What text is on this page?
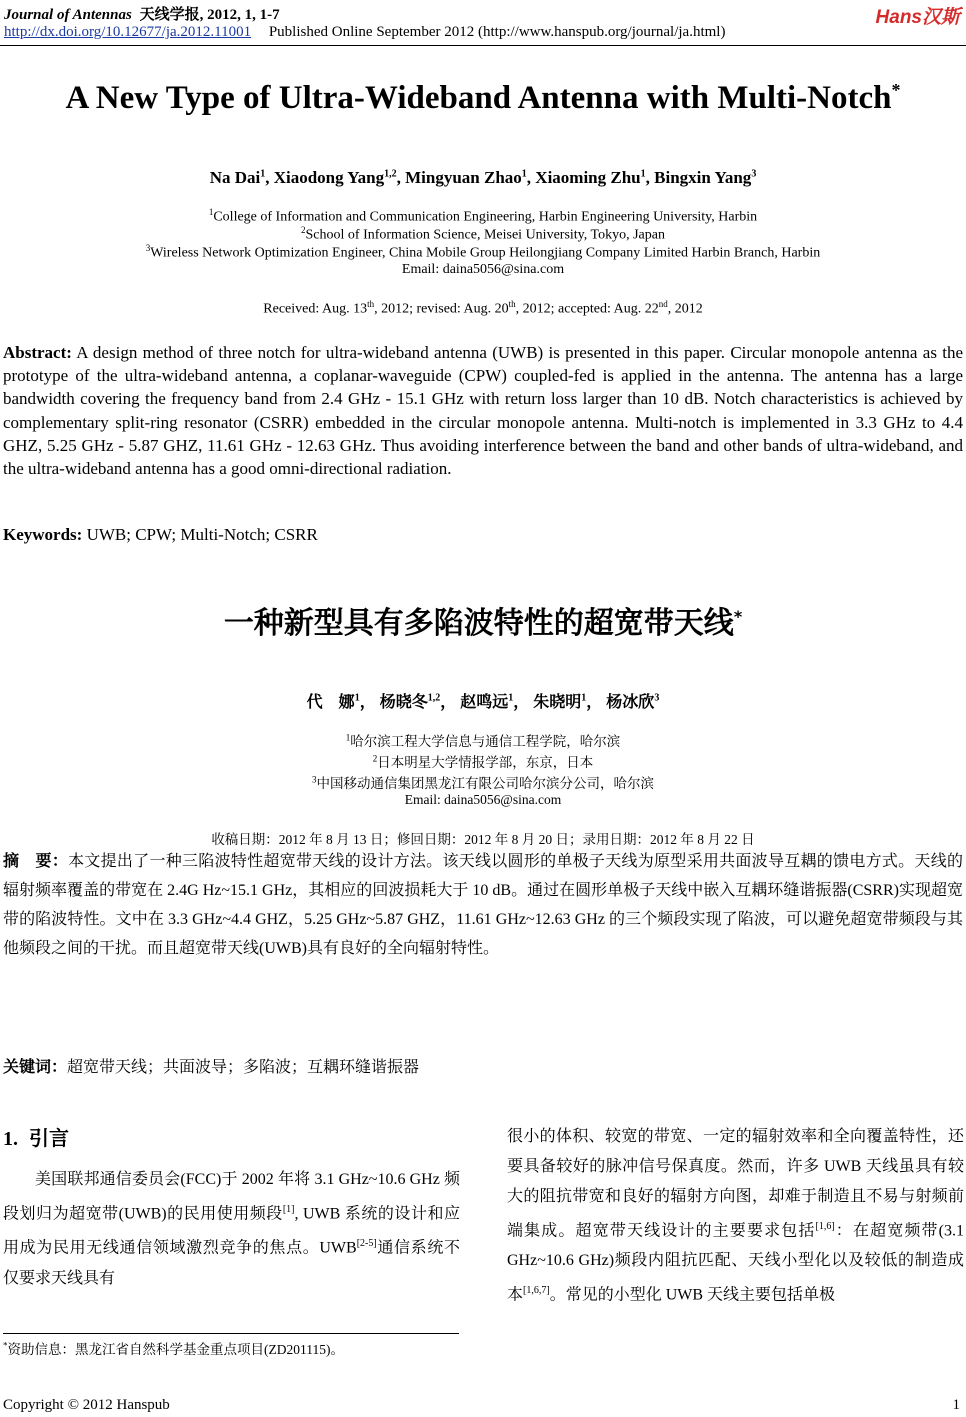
Journal of Antennas 天线学报, 2012, 1, 1-7
http://dx.doi.org/10.12677/ja.2012.11001 Published Online September 2012 (http://www.hanspub.org/journal/ja.html)
Hans汉斯
A New Type of Ultra-Wideband Antenna with Multi-Notch*
Na Dai$^1$, Xiaodong Yang$^{1,2}$, Mingyuan Zhao$^1$, Xiaoming Zhu$^1$, Bingxin Yang$^3$
$^1$College of Information and Communication Engineering, Harbin Engineering University, Harbin
$^2$School of Information Science, Meisei University, Tokyo, Japan
$^3$Wireless Network Optimization Engineer, China Mobile Group Heilongjiang Company Limited Harbin Branch, Harbin
Email: daina5056@sina.com
Received: Aug. 13th, 2012; revised: Aug. 20th, 2012; accepted: Aug. 22nd, 2012
Abstract: A design method of three notch for ultra-wideband antenna (UWB) is presented in this paper. Circular monopole antenna as the prototype of the ultra-wideband antenna, a coplanar-waveguide (CPW) coupled-fed is applied in the antenna. The antenna has a large bandwidth covering the frequency band from 2.4 GHz - 15.1 GHz with return loss larger than 10 dB. Notch characteristics is achieved by complementary split-ring resonator (CSRR) embedded in the circular monopole antenna. Multi-notch is implemented in 3.3 GHz to 4.4 GHZ, 5.25 GHz - 5.87 GHZ, 11.61 GHz - 12.63 GHz. Thus avoiding interference between the band and other bands of ultra-wideband, and the ultra-wideband antenna has a good omni-directional radiation.
Keywords: UWB; CPW; Multi-Notch; CSRR
一种新型具有多陷波特性的超宽带天线*
代　娜$^1$， 杨晓冬$^{1,2}$， 赵鸣远$^1$， 朱晓明$^1$， 杨冰欣$^3$
$^1$哈尔滨工程大学信息与通信工程学院，哈尔滨
$^2$日本明星大学情报学部，东京，日本
$^3$中国移动通信集团黑龙江有限公司哈尔滨分公司，哈尔滨
Email: daina5056@sina.com
收稿日期：2012 年 8 月 13 日；修回日期：2012 年 8 月 20 日；录用日期：2012 年 8 月 22 日
摘　要：本文提出了一种三陷波特性超宽带天线的设计方法。该天线以圆形的单极子天线为原型采用共面波导互耦的馈电方式。天线的辐射频率覆盖的带宽在 2.4G Hz~15.1 GHz，其相应的回波损耗大于 10 dB。通过在圆形单极子天线中嵌入互耦环缝谐振器(CSRR)实现超宽带的陷波特性。文中在 3.3 GHz~4.4 GHZ，5.25 GHz~5.87 GHZ，11.61 GHz~12.63 GHz 的三个频段实现了陷波，可以避免超宽带频段与其他频段之间的干扰。而且超宽带天线(UWB)具有良好的全向辐射特性。
关键词：超宽带天线；共面波导；多陷波；互耦环缝谐振器
1. 引言

美国联邦通信委员会(FCC)于 2002 年将 3.1 GHz~10.6 GHz 频段划归为超宽带(UWB)的民用使用频段[1], UWB 系统的设计和应用成为民用无线通信领域激烈竞争的焦点。UWB[2-5]通信系统不仅要求天线具有

很小的体积、较宽的带宽、一定的辐射效率和全向覆盖特性，还要具备较好的脉冲信号保真度。然而，许多 UWB 天线虽具有较大的阻抗带宽和良好的辐射方向图，却难于制造且不易与射频前端集成。超宽带天线设计的主要要求包括[1,6]：在超宽频带(3.1 GHz~10.6 GHz)频段内阻抗匹配、天线小型化以及较低的制造成本[1,6,7]。常见的小型化 UWB 天线主要包括单极

*资助信息：黑龙江省自然科学基金重点项目(ZD201115)。
Copyright © 2012 Hanspub	1
